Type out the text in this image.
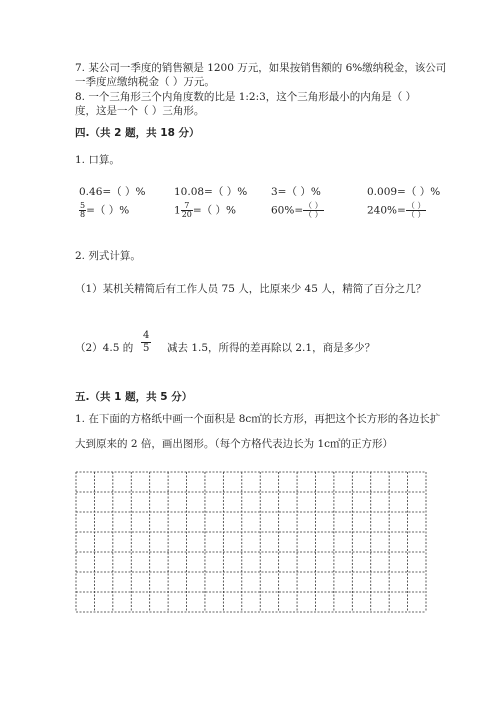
7. 某公司一季度的销售额是 1200 万元，如果按销售额的 6%缴纳税金，该公司
一季度应缴纳税金（ ）万元。
8. 一个三角形三个内角度数的比是 1:2:3，这个三角形最小的内角是（ ）
度，这是一个（ ）三角形。
四.（共 2 题，共 18 分）
1. 口算。
0.46=（ ）%	10.08=（ ）% 3=（ ）%	0.009=（ ）%
$\frac{5}{8}$ =（ ）%	$1 \frac{7}{20}$ =（ ）%	$60\%= \frac{( )}{( )}$	$240\%= \frac{( )}{( )}$
2. 列式计算。
（1）某机关精简后有工作人员 75 人，比原来少 45 人，精简了百分之几？
（2）4.5 的 $\frac{4}{5}$ 减去 1.5，所得的差再除以 2.1，商是多少？
五.（共 1 题，共 5 分）
1. 在下面的方格纸中画一个面积是 8c㎡的长方形，再把这个长方形的各边长扩
大到原来的 2 倍，画出图形。（每个方格代表边长为 1c㎡的正方形）
